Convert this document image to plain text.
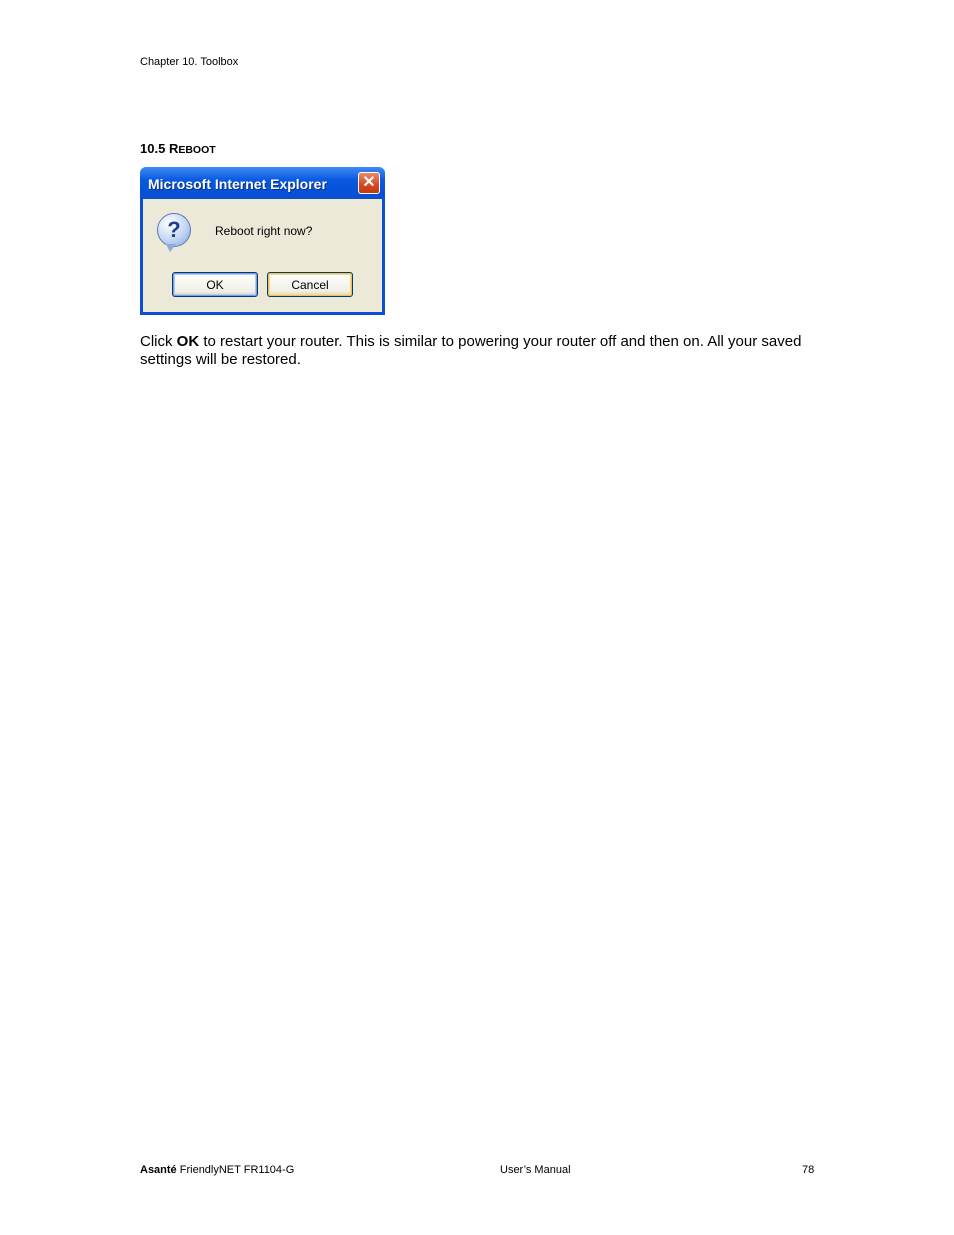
Chapter 10. Toolbox
10.5 REBOOT
Microsoft Internet Explorer ✕
?	Reboot right now?
OK	Cancel

Click OK to restart your router. This is similar to powering your router off and then on. All your saved settings will be restored.

Asanté FriendlyNET FR1104-G	User’s Manual	78
